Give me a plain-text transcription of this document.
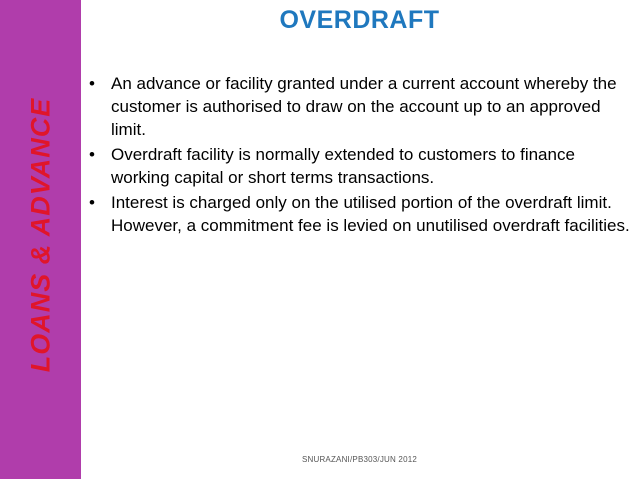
LOANS & ADVANCE
OVERDRAFT
• An advance or facility granted under a current account whereby the customer is authorised to draw on the account up to an approved limit.
• Overdraft facility is normally extended to customers to finance working capital or short terms transactions.
• Interest is charged only on the utilised portion of the overdraft limit. However, a commitment fee is levied on unutilised overdraft facilities.
SNURAZANI/PB303/JUN 2012
